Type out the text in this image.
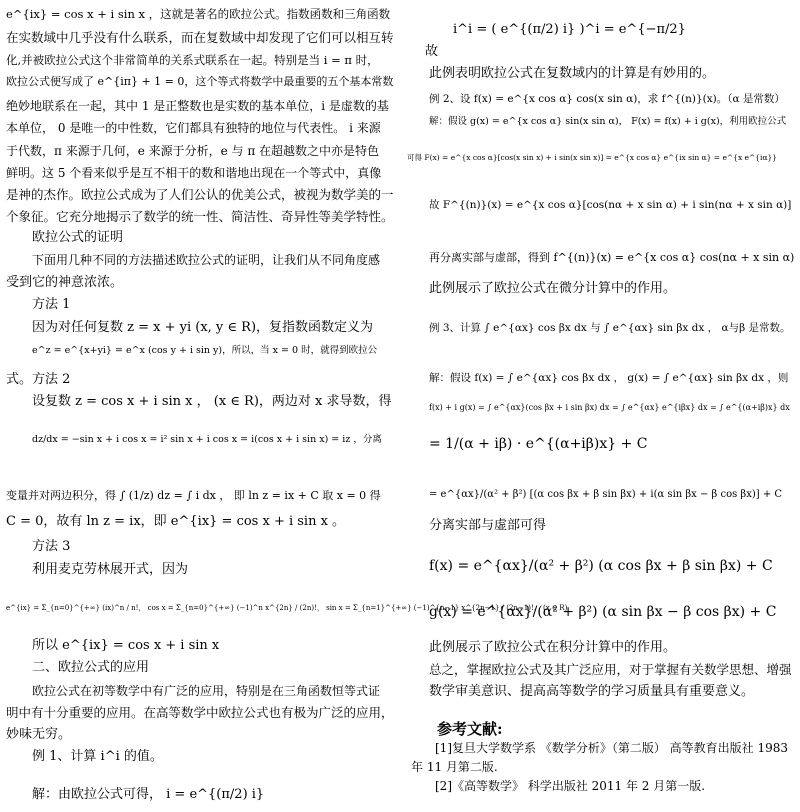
e^{ix} = cos x + i sin x ，这就是著名的欧拉公式。指数函数和三角函数
在实数域中几乎没有什么联系，而在复数域中却发现了它们可以相互转
化,并被欧拉公式这个非常简单的关系式联系在一起。特别是当 i = π 时，
欧拉公式便写成了 e^{iπ} + 1 = 0，这个等式将数学中最重要的五个基本常数
绝妙地联系在一起，其中 1 是正整数也是实数的基本单位，i 是虚数的基
本单位， 0 是唯一的中性数，它们都具有独特的地位与代表性。 i 来源
于代数，π 来源于几何，e 来源于分析，e 与 π 在超越数之中亦是特色
鲜明。这 5 个看来似乎是互不相干的数和谐地出现在一个等式中，真像
是神的杰作。欧拉公式成为了人们公认的优美公式，被视为数学美的一
个象征。它充分地揭示了数学的统一性、简洁性、奇异性等美学特性。
欧拉公式的证明
下面用几种不同的方法描述欧拉公式的证明，让我们从不同角度感
受到它的神意浓浓。
方法 1
因为对任何复数 z = x + yi (x, y ∈ R)，复指数函数定义为
e^z = e^{x+yi} = e^x (cos y + i sin y)，所以，当 x = 0 时，就得到欧拉公
式。方法 2
设复数 z = cos x + i sin x ， (x ∈ R)，两边对 x 求导数，得
dz/dx = −sin x + i cos x = i² sin x + i cos x = i(cos x + i sin x) = iz ，分离
变量并对两边积分，得 ∫ (1/z) dz = ∫ i dx ， 即 ln z = ix + C 取 x = 0 得
C = 0，故有 ln z = ix，即 e^{ix} = cos x + i sin x 。
方法 3
利用麦克劳林展开式，因为
e^{ix} = Σ_{n=0}^{+∞} (ix)^n / n!， cos x = Σ_{n=0}^{+∞} (−1)^n x^{2n} / (2n)!， sin x = Σ_{n=1}^{+∞} (−1)^{n−1} x^{2n−1} / (2n−1)!， (x ∈ R)
所以 e^{ix} = cos x + i sin x
二、欧拉公式的应用
欧拉公式在初等数学中有广泛的应用，特别是在三角函数恒等式证
明中有十分重要的应用。在高等数学中欧拉公式也有极为广泛的应用，
妙味无穷。
例 1、计算 i^i 的值。
解：由欧拉公式可得， i = e^{(π/2) i}
i^i = ( e^{(π/2) i} )^i = e^{−π/2}
故
此例表明欧拉公式在复数域内的计算是有妙用的。
例 2、设 f(x) = e^{x cos α} cos(x sin α)，求 f^{(n)}(x)。（α 是常数）
解：假设 g(x) = e^{x cos α} sin(x sin α)， F(x) = f(x) + i g(x)，利用欧拉公式
可得 F(x) = e^{x cos α}[cos(x sin x) + i sin(x sin x)] = e^{x cos α} e^{ix sin α} = e^{x e^{iα}}
故 F^{(n)}(x) = e^{x cos α}[cos(nα + x sin α) + i sin(nα + x sin α)]
再分离实部与虚部，得到 f^{(n)}(x) = e^{x cos α} cos(nα + x sin α)
此例展示了欧拉公式在微分计算中的作用。
例 3、计算 ∫ e^{αx} cos βx dx 与 ∫ e^{αx} sin βx dx ， α与β 是常数。
解：假设 f(x) = ∫ e^{αx} cos βx dx ， g(x) = ∫ e^{αx} sin βx dx ，则
f(x) + i g(x) = ∫ e^{αx}(cos βx + i sin βx) dx = ∫ e^{αx} e^{iβx} dx = ∫ e^{(α+iβ)x} dx
= 1/(α + iβ) · e^{(α+iβ)x} + C
= e^{αx}/(α² + β²) [(α cos βx + β sin βx) + i(α sin βx − β cos βx)] + C
分离实部与虚部可得
f(x) = e^{αx}/(α² + β²) (α cos βx + β sin βx) + C
g(x) = e^{αx}/(α² + β²) (α sin βx − β cos βx) + C
此例展示了欧拉公式在积分计算中的作用。
总之，掌握欧拉公式及其广泛应用，对于掌握有关数学思想、增强
数学审美意识、提高高等数学的学习质量具有重要意义。
参考文献:
[1]复旦大学数学系 《数学分析》（第二版） 高等教育出版社 1983
年 11 月第二版.
[2]《高等数学》 科学出版社 2011 年 2 月第一版.
